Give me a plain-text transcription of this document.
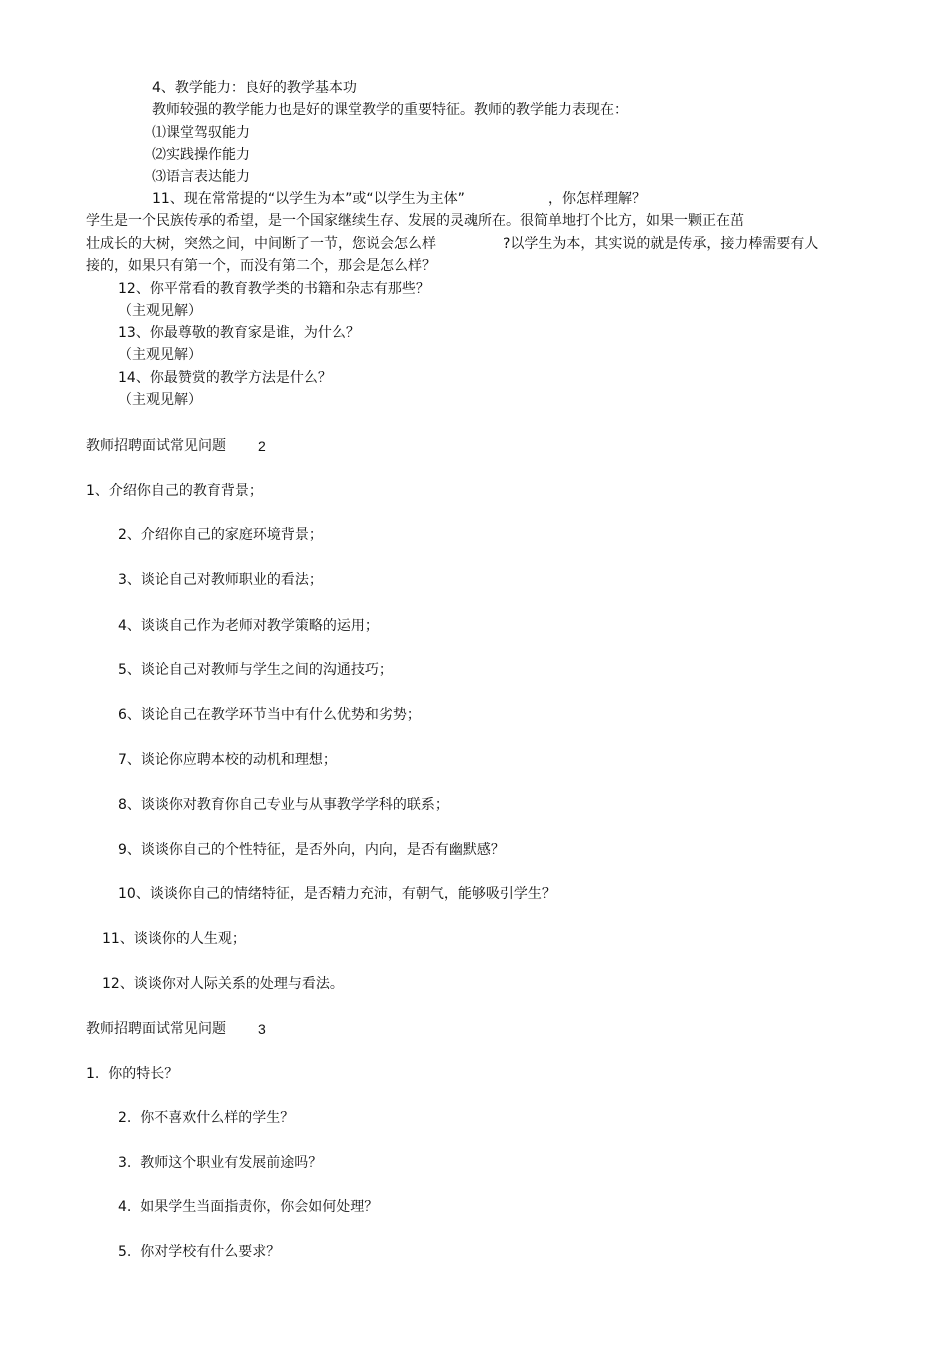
4、教学能力：良好的教学基本功
教师较强的教学能力也是好的课堂教学的重要特征。教师的教学能力表现在：
⑴课堂驾驭能力
⑵实践操作能力
⑶语言表达能力
11、现在常常提的“以学生为本”或“以学生为主体”	，你怎样理解？
学生是一个民族传承的希望，是一个国家继续生存、发展的灵魂所在。很简单地打个比方，如果一颗正在茁
壮成长的大树，突然之间，中间断了一节，您说会怎么样	?以学生为本，其实说的就是传承，接力棒需要有人
接的，如果只有第一个，而没有第二个，那会是怎么样？
12、你平常看的教育教学类的书籍和杂志有那些？
（主观见解）
13、你最尊敬的教育家是谁，为什么？
（主观见解）
14、你最赞赏的教学方法是什么？
（主观见解）
教师招聘面试常见问题 2
1、介绍你自己的教育背景；
2、介绍你自己的家庭环境背景；
3、谈论自己对教师职业的看法；
4、谈谈自己作为老师对教学策略的运用；
5、谈论自己对教师与学生之间的沟通技巧；
6、谈论自己在教学环节当中有什么优势和劣势；
7、谈论你应聘本校的动机和理想；
8、谈谈你对教育你自己专业与从事教学学科的联系；
9、谈谈你自己的个性特征，是否外向，内向，是否有幽默感？
10、谈谈你自己的情绪特征，是否精力充沛，有朝气，能够吸引学生？
11、谈谈你的人生观；
12、谈谈你对人际关系的处理与看法。
教师招聘面试常见问题 3
1.  你的特长？
2.  你不喜欢什么样的学生？
3.  教师这个职业有发展前途吗？
4.  如果学生当面指责你，你会如何处理？
5.  你对学校有什么要求？
